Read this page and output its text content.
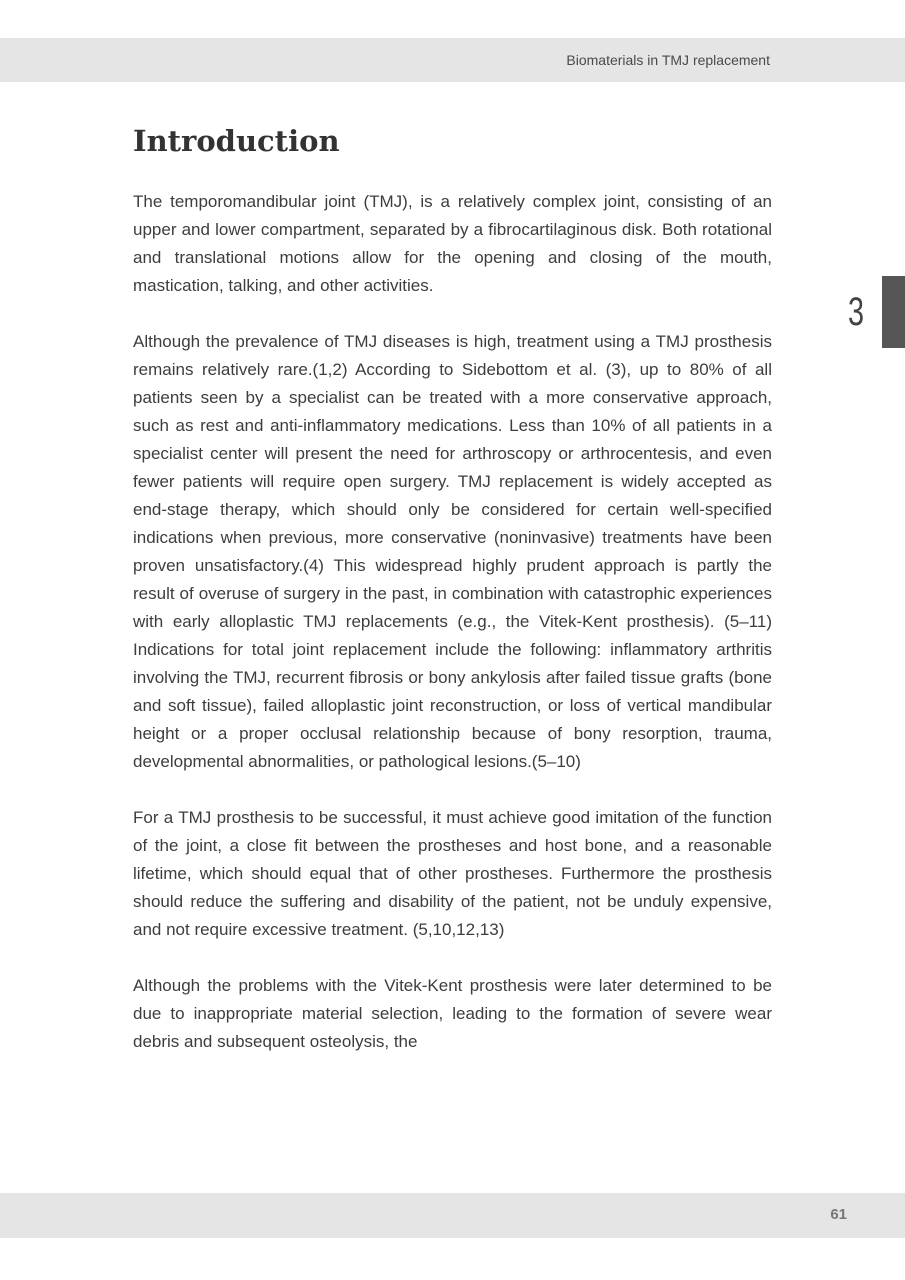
Biomaterials in TMJ replacement
3
Introduction

The temporomandibular joint (TMJ), is a relatively complex joint, consisting of an upper and lower compartment, separated by a fibrocartilaginous disk. Both rotational and translational motions allow for the opening and closing of the mouth, mastication, talking, and other activities.

Although the prevalence of TMJ diseases is high, treatment using a TMJ prosthesis remains relatively rare.(1,2) According to Sidebottom et al. (3), up to 80% of all patients seen by a specialist can be treated with a more conservative approach, such as rest and anti-inflammatory medications. Less than 10% of all patients in a specialist center will present the need for arthroscopy or arthrocentesis, and even fewer patients will require open surgery. TMJ replacement is widely accepted as end-stage therapy, which should only be considered for certain well-specified indications when previous, more conservative (noninvasive) treatments have been proven unsatisfactory.(4) This widespread highly prudent approach is partly the result of overuse of surgery in the past, in combination with catastrophic experiences with early alloplastic TMJ replacements (e.g., the Vitek-Kent prosthesis). (5–11) Indications for total joint replacement include the following: inflammatory arthritis involving the TMJ, recurrent fibrosis or bony ankylosis after failed tissue grafts (bone and soft tissue), failed alloplastic joint reconstruction, or loss of vertical mandibular height or a proper occlusal relationship because of bony resorption, trauma, developmental abnormalities, or pathological lesions.(5–10)

For a TMJ prosthesis to be successful, it must achieve good imitation of the function of the joint, a close fit between the prostheses and host bone, and a reasonable lifetime, which should equal that of other prostheses. Furthermore the prosthesis should reduce the suffering and disability of the patient, not be unduly expensive, and not require excessive treatment. (5,10,12,13)

Although the problems with the Vitek-Kent prosthesis were later determined to be due to inappropriate material selection, leading to the formation of severe wear debris and subsequent osteolysis, the

61
